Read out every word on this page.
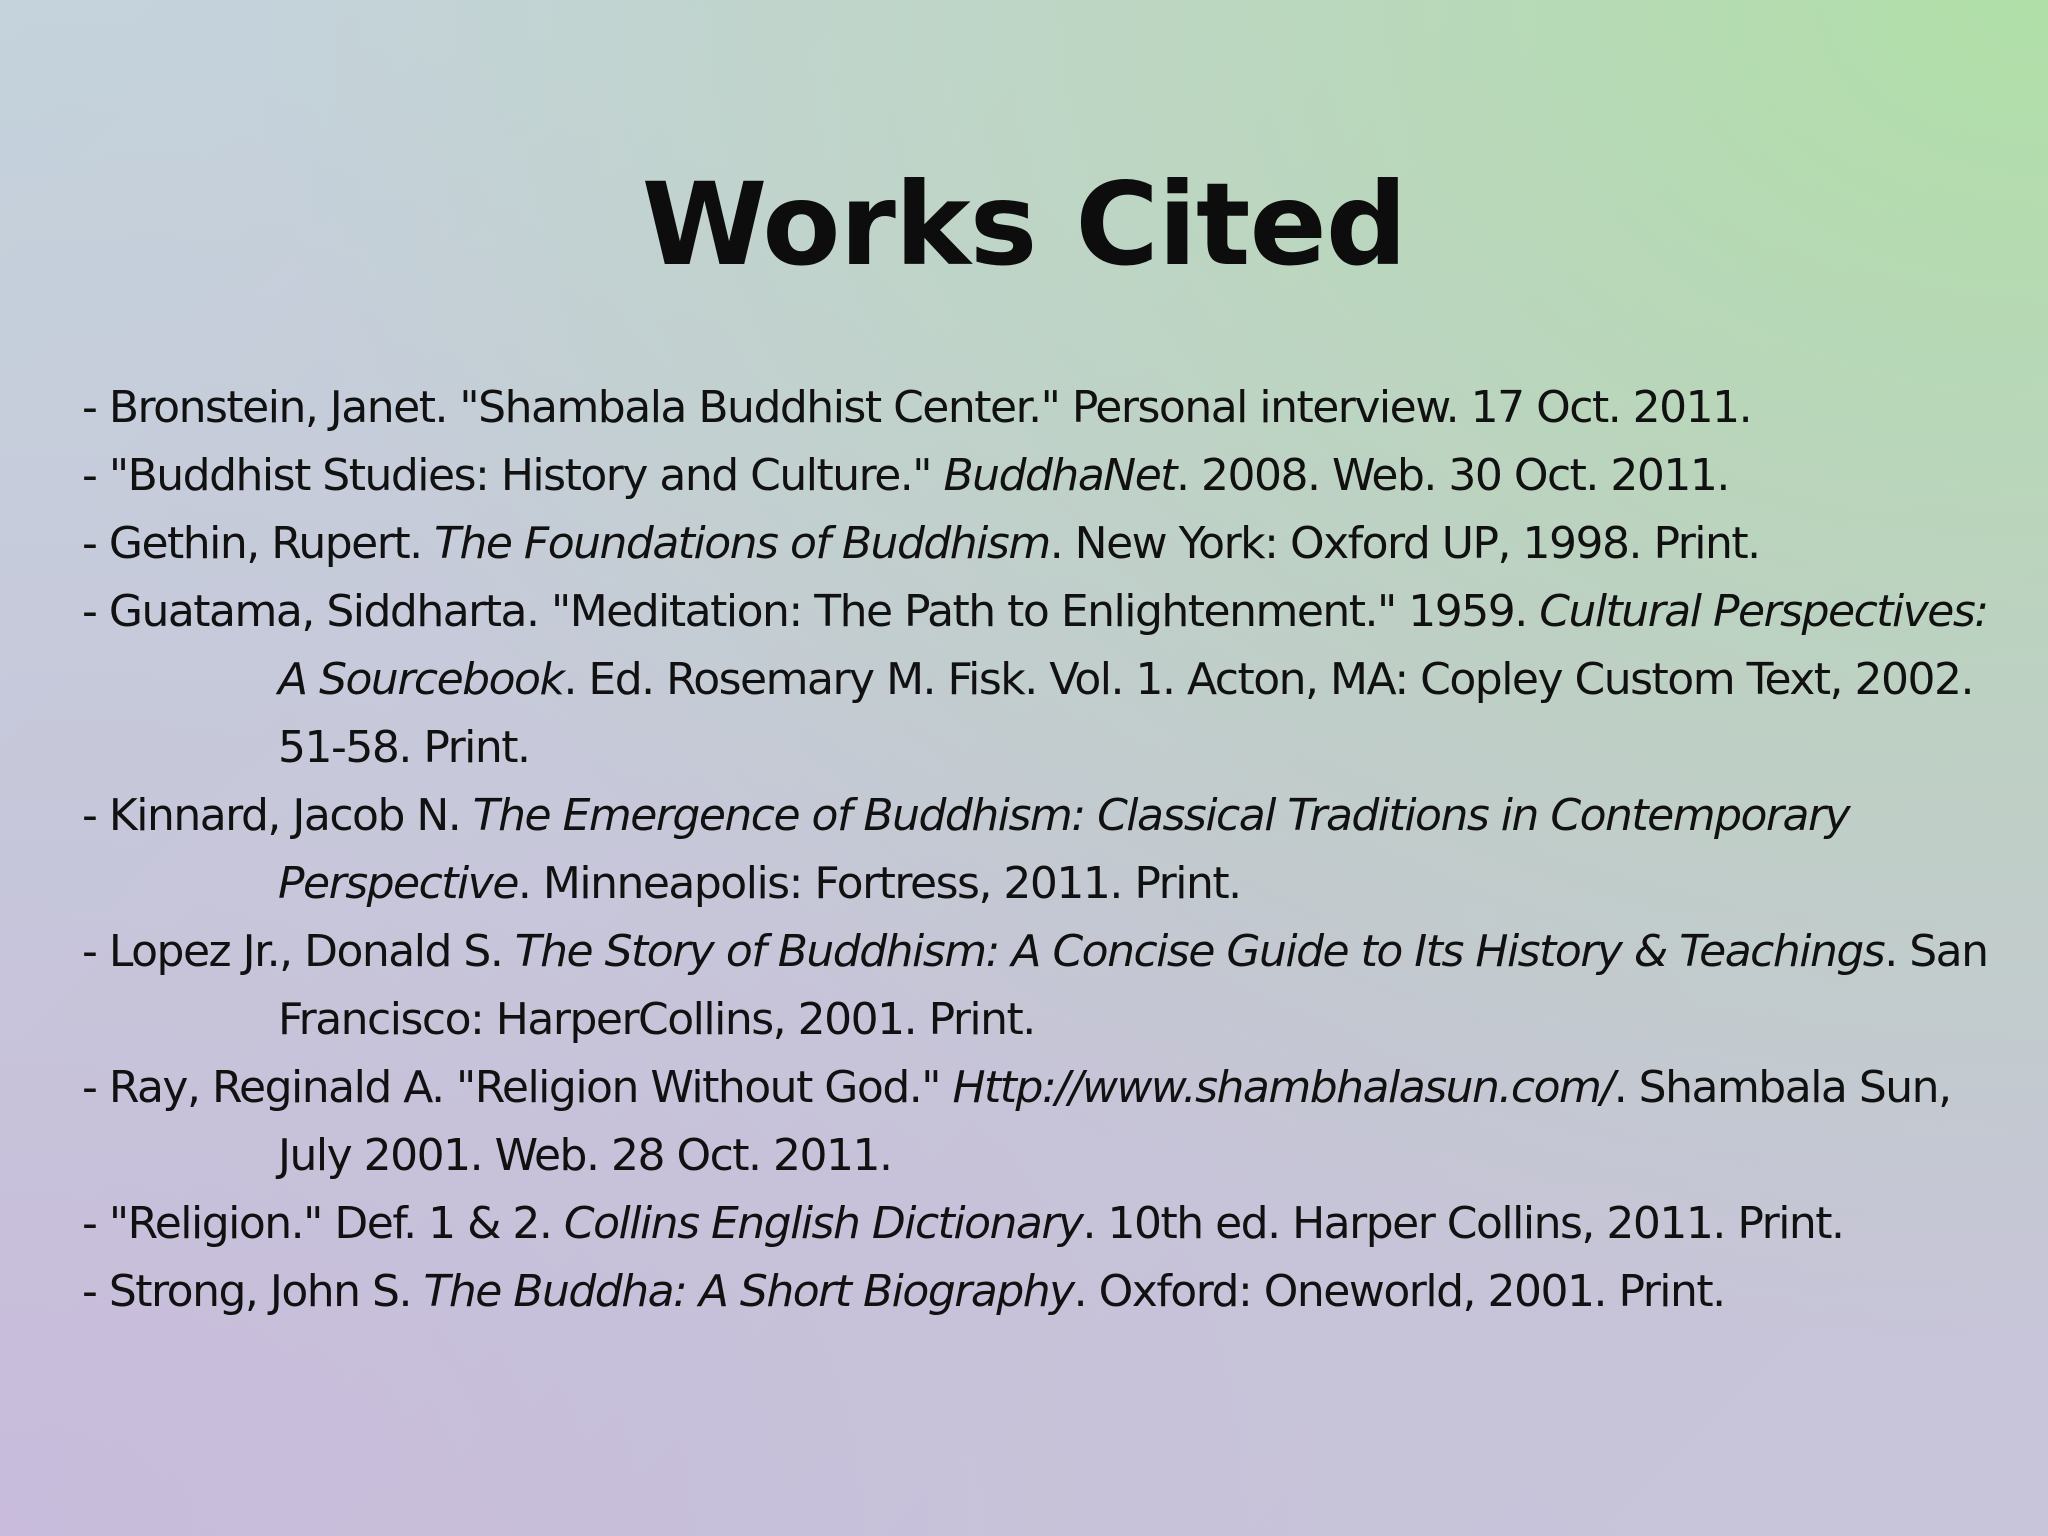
Works Cited
- Bronstein, Janet. "Shambala Buddhist Center." Personal interview. 17 Oct. 2011.
- "Buddhist Studies: History and Culture." BuddhaNet. 2008. Web. 30 Oct. 2011.
- Gethin, Rupert. The Foundations of Buddhism. New York: Oxford UP, 1998. Print.
- Guatama, Siddharta. "Meditation: The Path to Enlightenment." 1959. Cultural Perspectives: A Sourcebook. Ed. Rosemary M. Fisk. Vol. 1. Acton, MA: Copley Custom Text, 2002. 51-58. Print.
- Kinnard, Jacob N. The Emergence of Buddhism: Classical Traditions in Contemporary Perspective. Minneapolis: Fortress, 2011. Print.
- Lopez Jr., Donald S. The Story of Buddhism: A Concise Guide to Its History & Teachings. San Francisco: HarperCollins, 2001. Print.
- Ray, Reginald A. "Religion Without God." Http://www.shambhalasun.com/. Shambala Sun, July 2001. Web. 28 Oct. 2011.
- "Religion." Def. 1 & 2. Collins English Dictionary. 10th ed. Harper Collins, 2011. Print.
- Strong, John S. The Buddha: A Short Biography. Oxford: Oneworld, 2001. Print.
